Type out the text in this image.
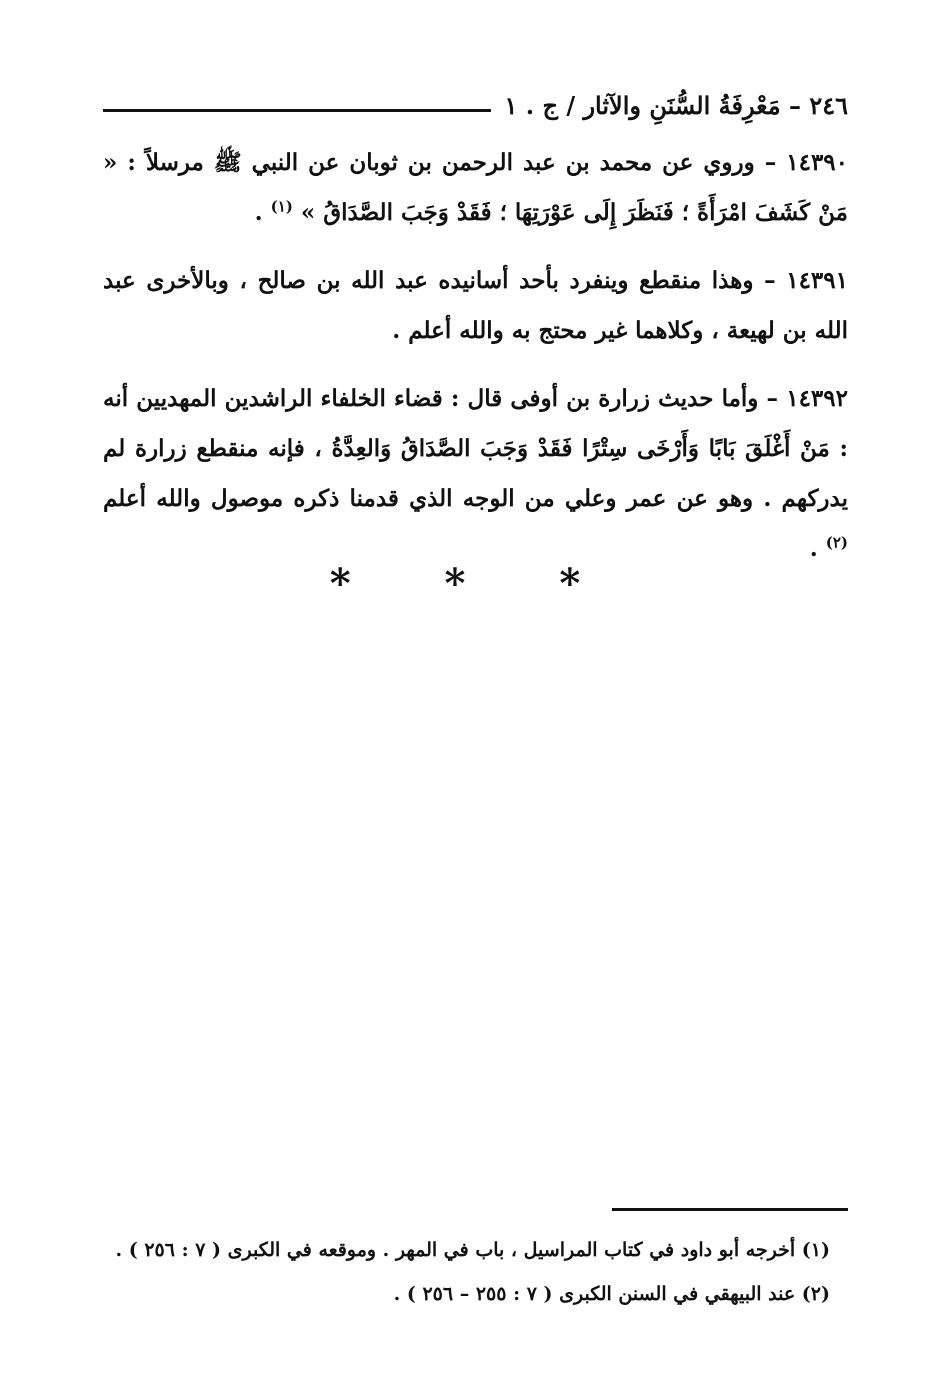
٢٤٦ – مَعْرِفَةُ السُّنَنِ والآثار / ج . ١

١٤٣٩٠ – وروي عن محمد بن عبد الرحمن بن ثوبان عن النبي ﷺ مرسلاً : « مَنْ كَشَفَ امْرَأَةً ؛ فَنَظَرَ إِلَى عَوْرَتِهَا ؛ فَقَدْ وَجَبَ الصَّدَاقُ » $^{(١)}$ .

١٤٣٩١ – وهذا منقطع وينفرد بأحد أسانيده عبد الله بن صالح ، وبالأخرى عبد الله بن لهيعة ، وكلاهما غير محتج به والله أعلم .

١٤٣٩٢ – وأما حديث زرارة بن أوفى قال : قضاء الخلفاء الراشدين المهديين أنه : مَنْ أَغْلَقَ بَابًا وَأَرْخَى سِتْرًا فَقَدْ وَجَبَ الصَّدَاقُ وَالعِدَّةُ ، فإنه منقطع زرارة لم يدركهم . وهو عن عمر وعلي من الوجه الذي قدمنا ذكره موصول والله أعلم $^{(٢)}$ .

* * *

(١) أخرجه أبو داود في كتاب المراسيل ، باب في المهر . وموقعه في الكبرى ( ٧ : ٢٥٦ ) .

(٢) عند البيهقي في السنن الكبرى ( ٧ : ٢٥٥ – ٢٥٦ ) .
